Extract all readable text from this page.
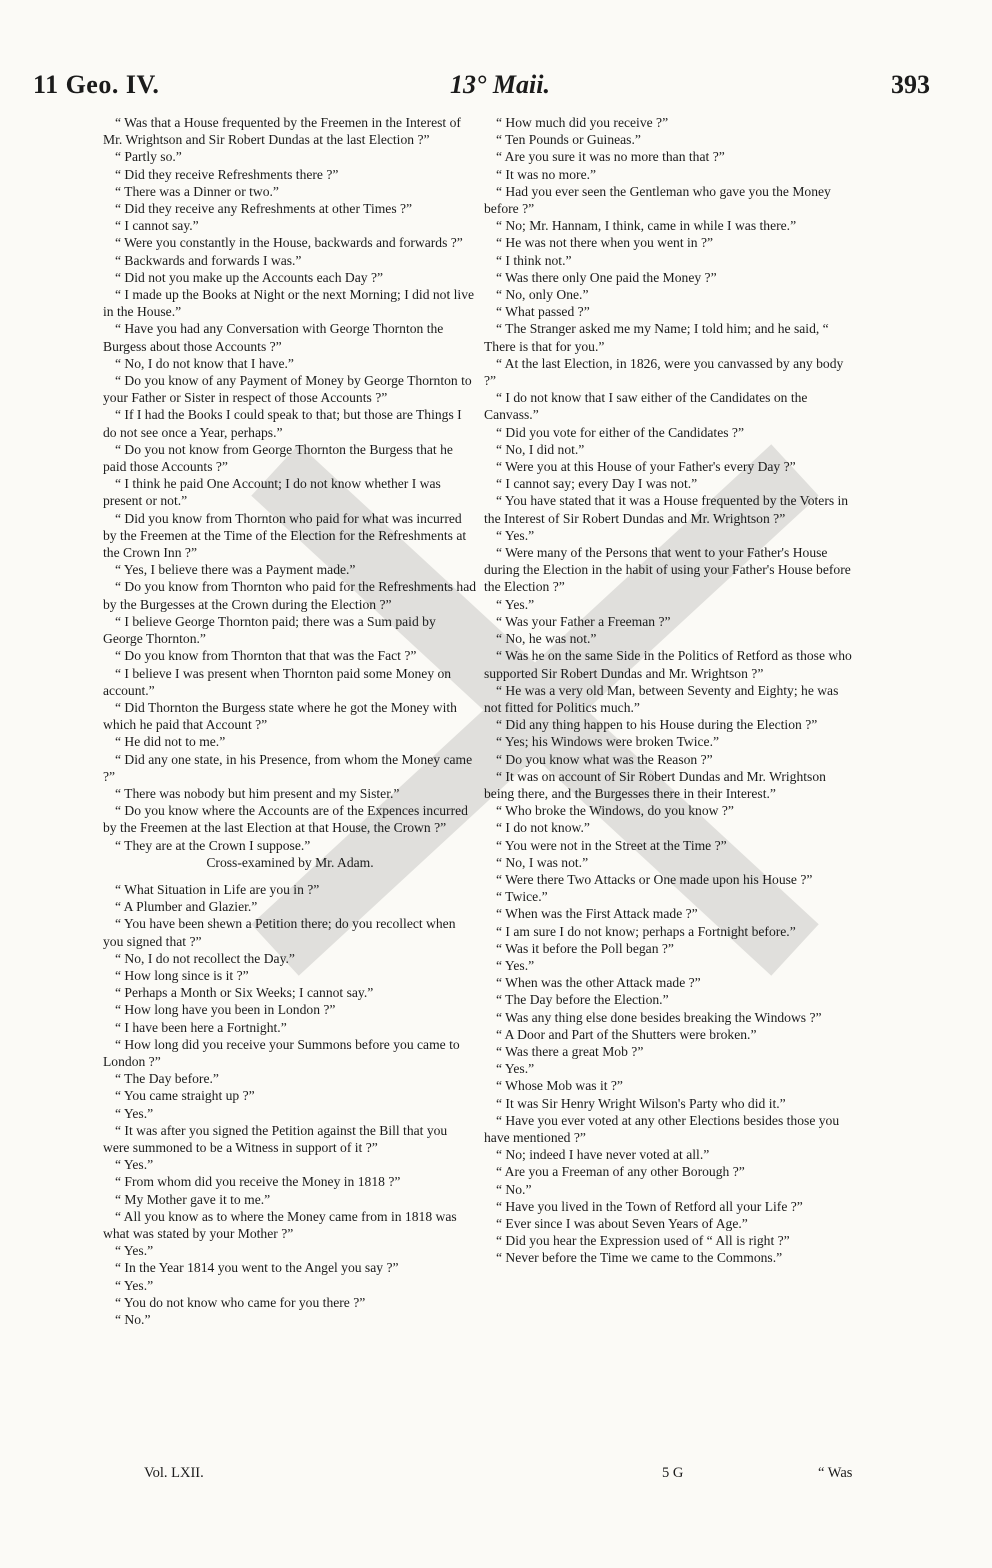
11 Geo. IV.	13° Maii.	393

“ Was that a House frequented by the Freemen in the Interest of Mr. Wrightson and Sir Robert Dundas at the last Election ?”

“ Partly so.”

“ Did they receive Refreshments there ?”

“ There was a Dinner or two.”

“ Did they receive any Refreshments at other Times ?”

“ I cannot say.”

“ Were you constantly in the House, backwards and forwards ?”

“ Backwards and forwards I was.”

“ Did not you make up the Accounts each Day ?”

“ I made up the Books at Night or the next Morning; I did not live in the House.”

“ Have you had any Conversation with George Thornton the Burgess about those Accounts ?”

“ No, I do not know that I have.”

“ Do you know of any Payment of Money by George Thornton to your Father or Sister in respect of those Accounts ?”

“ If I had the Books I could speak to that; but those are Things I do not see once a Year, perhaps.”

“ Do you not know from George Thornton the Burgess that he paid those Accounts ?”

“ I think he paid One Account; I do not know whether I was present or not.”

“ Did you know from Thornton who paid for what was incurred by the Freemen at the Time of the Election for the Refreshments at the Crown Inn ?”

“ Yes, I believe there was a Payment made.”

“ Do you know from Thornton who paid for the Refreshments had by the Burgesses at the Crown during the Election ?”

“ I believe George Thornton paid; there was a Sum paid by George Thornton.”

“ Do you know from Thornton that that was the Fact ?”

“ I believe I was present when Thornton paid some Money on account.”

“ Did Thornton the Burgess state where he got the Money with which he paid that Account ?”

“ He did not to me.”

“ Did any one state, in his Presence, from whom the Money came ?”

“ There was nobody but him present and my Sister.”

“ Do you know where the Accounts are of the Expences incurred by the Freemen at the last Election at that House, the Crown ?”

“ They are at the Crown I suppose.”

Cross-examined by Mr. Adam.

“ What Situation in Life are you in ?”

“ A Plumber and Glazier.”

“ You have been shewn a Petition there; do you recollect when you signed that ?”

“ No, I do not recollect the Day.”

“ How long since is it ?”

“ Perhaps a Month or Six Weeks; I cannot say.”

“ How long have you been in London ?”

“ I have been here a Fortnight.”

“ How long did you receive your Summons before you came to London ?”

“ The Day before.”

“ You came straight up ?”

“ Yes.”

“ It was after you signed the Petition against the Bill that you were summoned to be a Witness in support of it ?”

“ Yes.”

“ From whom did you receive the Money in 1818 ?”

“ My Mother gave it to me.”

“ All you know as to where the Money came from in 1818 was what was stated by your Mother ?”

“ Yes.”

“ In the Year 1814 you went to the Angel you say ?”

“ Yes.”

“ You do not know who came for you there ?”

“ No.”

“ How much did you receive ?”

“ Ten Pounds or Guineas.”

“ Are you sure it was no more than that ?”

“ It was no more.”

“ Had you ever seen the Gentleman who gave you the Money before ?”

“ No; Mr. Hannam, I think, came in while I was there.”

“ He was not there when you went in ?”

“ I think not.”

“ Was there only One paid the Money ?”

“ No, only One.”

“ What passed ?”

“ The Stranger asked me my Name; I told him; and he said, “ There is that for you.”

“ At the last Election, in 1826, were you canvassed by any body ?”

“ I do not know that I saw either of the Candidates on the Canvass.”

“ Did you vote for either of the Candidates ?”

“ No, I did not.”

“ Were you at this House of your Father's every Day ?”

“ I cannot say; every Day I was not.”

“ You have stated that it was a House frequented by the Voters in the Interest of Sir Robert Dundas and Mr. Wrightson ?”

“ Yes.”

“ Were many of the Persons that went to your Father's House during the Election in the habit of using your Father's House before the Election ?”

“ Yes.”

“ Was your Father a Freeman ?”

“ No, he was not.”

“ Was he on the same Side in the Politics of Retford as those who supported Sir Robert Dundas and Mr. Wrightson ?”

“ He was a very old Man, between Seventy and Eighty; he was not fitted for Politics much.”

“ Did any thing happen to his House during the Election ?”

“ Yes; his Windows were broken Twice.”

“ Do you know what was the Reason ?”

“ It was on account of Sir Robert Dundas and Mr. Wrightson being there, and the Burgesses there in their Interest.”

“ Who broke the Windows, do you know ?”

“ I do not know.”

“ You were not in the Street at the Time ?”

“ No, I was not.”

“ Were there Two Attacks or One made upon his House ?”

“ Twice.”

“ When was the First Attack made ?”

“ I am sure I do not know; perhaps a Fortnight before.”

“ Was it before the Poll began ?”

“ Yes.”

“ When was the other Attack made ?”

“ The Day before the Election.”

“ Was any thing else done besides breaking the Windows ?”

“ A Door and Part of the Shutters were broken.”

“ Was there a great Mob ?”

“ Yes.”

“ Whose Mob was it ?”

“ It was Sir Henry Wright Wilson's Party who did it.”

“ Have you ever voted at any other Elections besides those you have mentioned ?”

“ No; indeed I have never voted at all.”

“ Are you a Freeman of any other Borough ?”

“ No.”

“ Have you lived in the Town of Retford all your Life ?”

“ Ever since I was about Seven Years of Age.”

“ Did you hear the Expression used of “ All is right ?”

“ Never before the Time we came to the Commons.”

Vol. LXII.	5 G	“ Was
